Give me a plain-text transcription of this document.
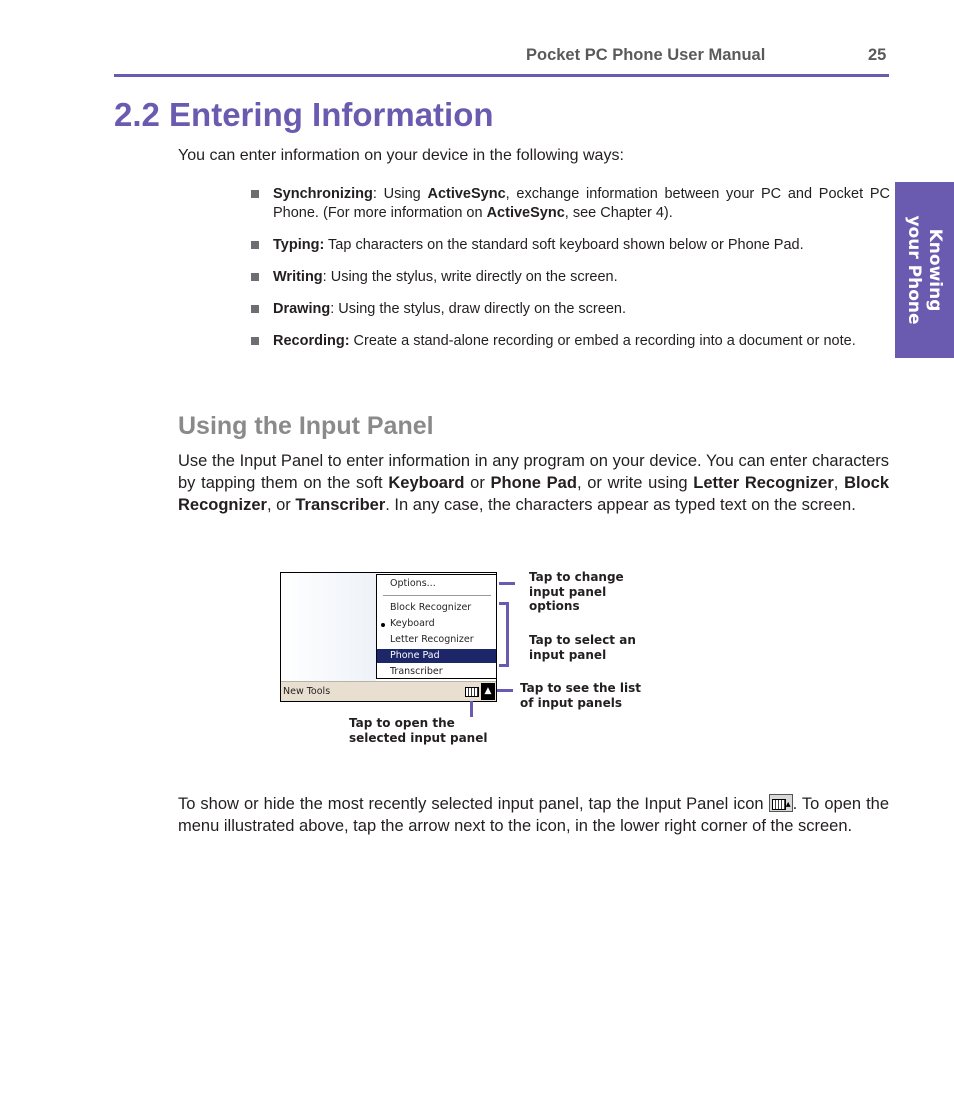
Pocket PC Phone User Manual	25
Knowing
your Phone
2.2 Entering Information

You can enter information on your device in the following ways:

Synchronizing: Using ActiveSync, exchange information between your PC and Pocket PC Phone. (For more information on ActiveSync, see Chapter 4).
Typing: Tap characters on the standard soft keyboard shown below or Phone Pad.
Writing: Using the stylus, write directly on the screen.
Drawing: Using the stylus, draw directly on the screen.
Recording: Create a stand-alone recording or embed a recording into a document or note.
Using the Input Panel

Use the Input Panel to enter information in any program on your device. You can enter characters by tapping them on the soft Keyboard or Phone Pad, or write using Letter Recognizer, Block Recognizer, or Transcriber. In any case, the characters appear as typed text on the screen.

Options...
Block Recognizer
Keyboard
Letter Recognizer
Phone Pad
Transcriber
New Tools	▲
Tap to change
input panel
options
Tap to select an
input panel
Tap to see the list
of input panels
Tap to open the
selected input panel

To show or hide the most recently selected input panel, tap the Input Panel icon ▴. To open the menu illustrated above, tap the arrow next to the icon, in the lower right corner of the screen.
